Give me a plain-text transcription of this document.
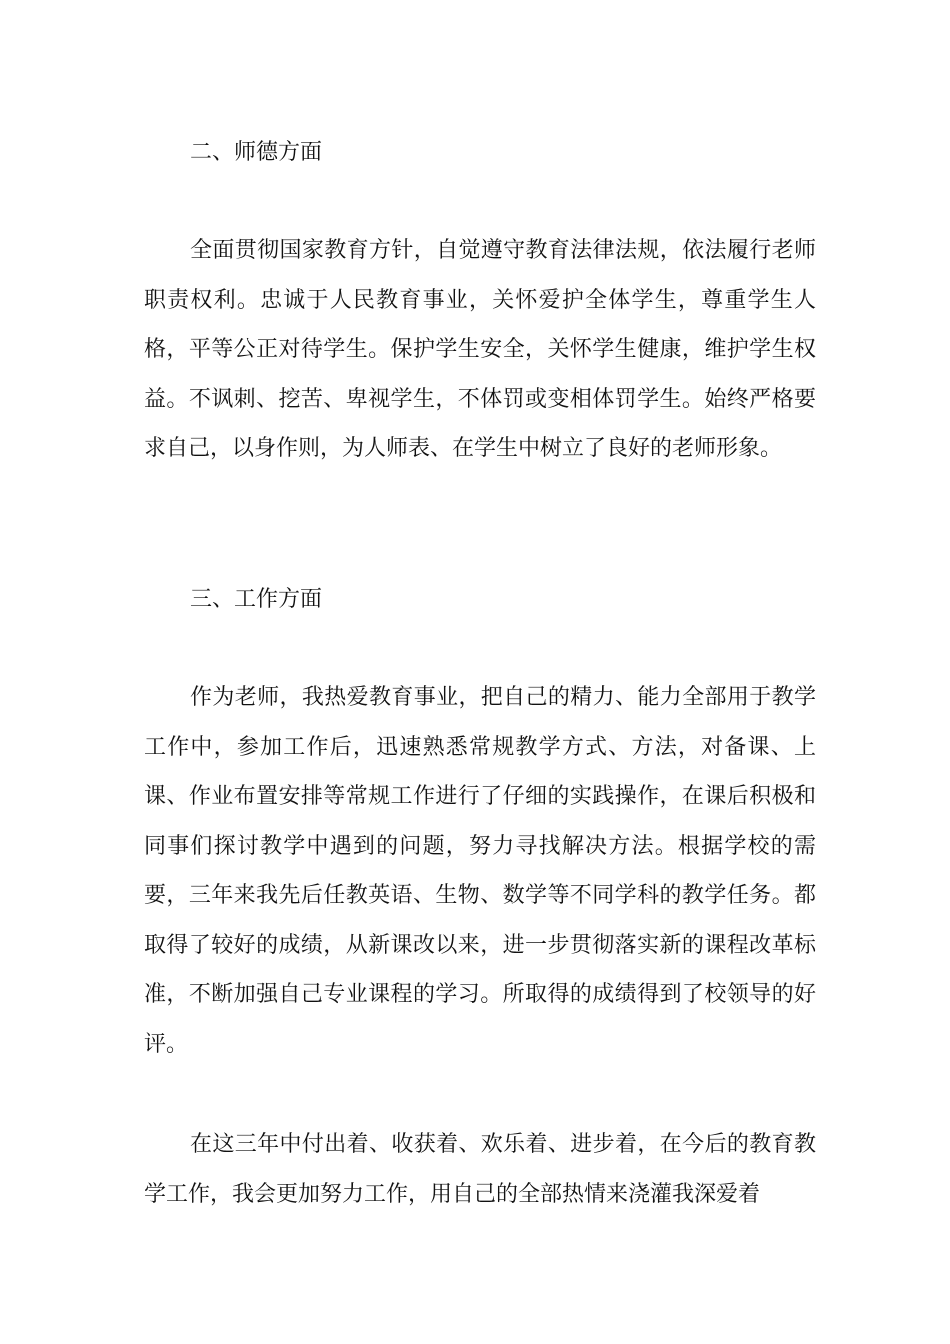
二、师德方面

全面贯彻国家教育方针，自觉遵守教育法律法规，依法履行老师职责权利。忠诚于人民教育事业，关怀爱护全体学生，尊重学生人格，平等公正对待学生。保护学生安全，关怀学生健康，维护学生权益。不讽刺、挖苦、卑视学生，不体罚或变相体罚学生。始终严格要求自己，以身作则，为人师表、在学生中树立了良好的老师形象。

三、工作方面

作为老师，我热爱教育事业，把自己的精力、能力全部用于教学工作中，参加工作后，迅速熟悉常规教学方式、方法，对备课、上课、作业布置安排等常规工作进行了仔细的实践操作，在课后积极和同事们探讨教学中遇到的问题，努力寻找解决方法。根据学校的需要，三年来我先后任教英语、生物、数学等不同学科的教学任务。都取得了较好的成绩，从新课改以来，进一步贯彻落实新的课程改革标准，不断加强自己专业课程的学习。所取得的成绩得到了校领导的好评。

在这三年中付出着、收获着、欢乐着、进步着，在今后的教育教学工作，我会更加努力工作，用自己的全部热情来浇灌我深爱着
